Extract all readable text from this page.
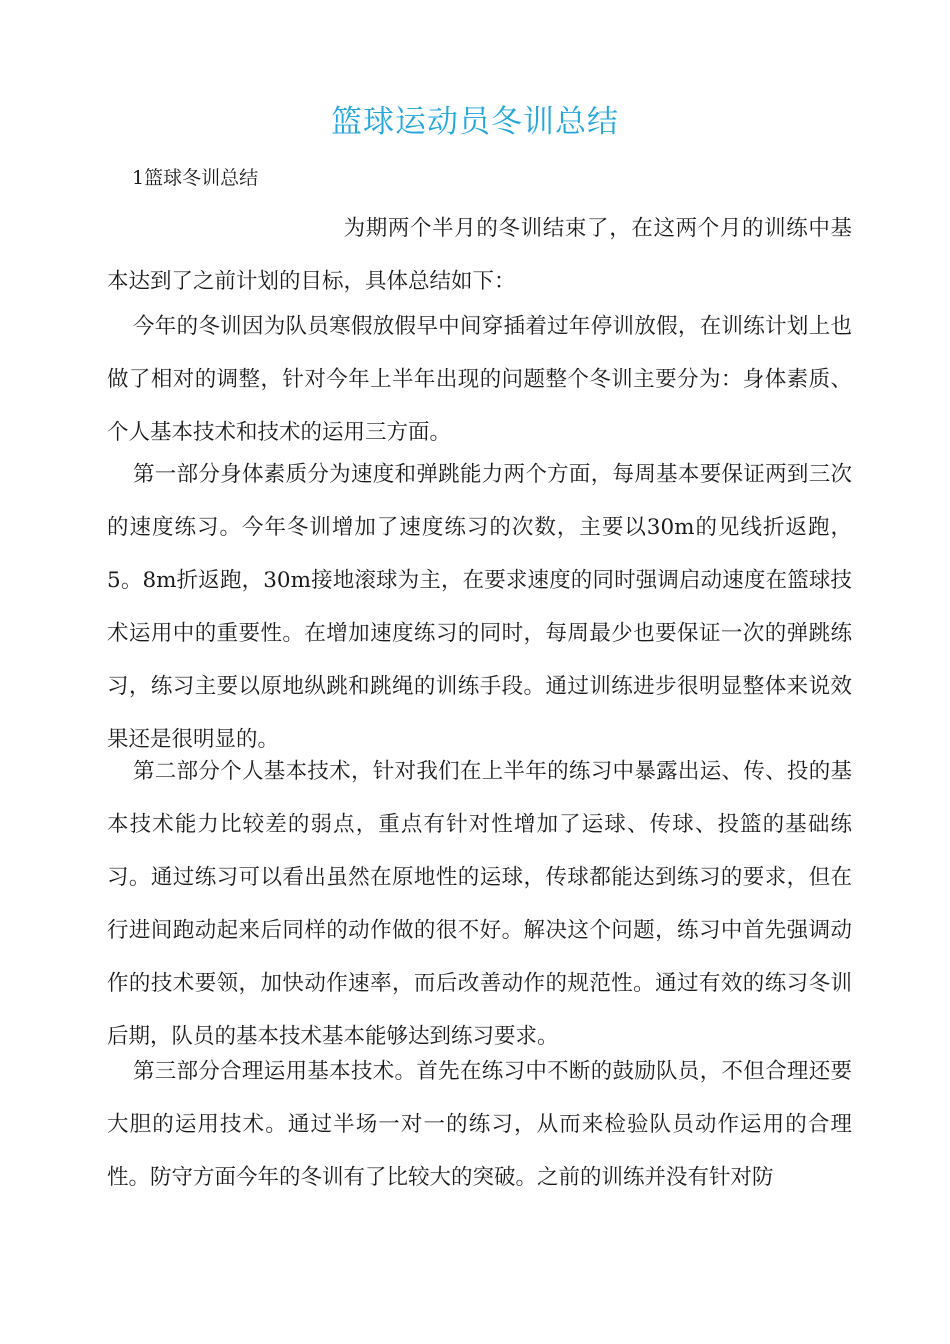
篮球运动员冬训总结
1篮球冬训总结

为期两个半月的冬训结束了，在这两个月的训练中基本达到了之前计划的目标，具体总结如下：

今年的冬训因为队员寒假放假早中间穿插着过年停训放假，在训练计划上也做了相对的调整，针对今年上半年出现的问题整个冬训主要分为：身体素质、个人基本技术和技术的运用三方面。

第一部分身体素质分为速度和弹跳能力两个方面，每周基本要保证两到三次的速度练习。今年冬训增加了速度练习的次数，主要以30m的见线折返跑，5。8m折返跑，30m接地滚球为主，在要求速度的同时强调启动速度在篮球技术运用中的重要性。在增加速度练习的同时，每周最少也要保证一次的弹跳练习，练习主要以原地纵跳和跳绳的训练手段。通过训练进步很明显整体来说效果还是很明显的。

第二部分个人基本技术，针对我们在上半年的练习中暴露出运、传、投的基本技术能力比较差的弱点，重点有针对性增加了运球、传球、投篮的基础练习。通过练习可以看出虽然在原地性的运球，传球都能达到练习的要求，但在行进间跑动起来后同样的动作做的很不好。解决这个问题，练习中首先强调动作的技术要领，加快动作速率，而后改善动作的规范性。通过有效的练习冬训后期，队员的基本技术基本能够达到练习要求。

第三部分合理运用基本技术。首先在练习中不断的鼓励队员，不但合理还要大胆的运用技术。通过半场一对一的练习，从而来检验队员动作运用的合理性。防守方面今年的冬训有了比较大的突破。之前的训练并没有针对防
